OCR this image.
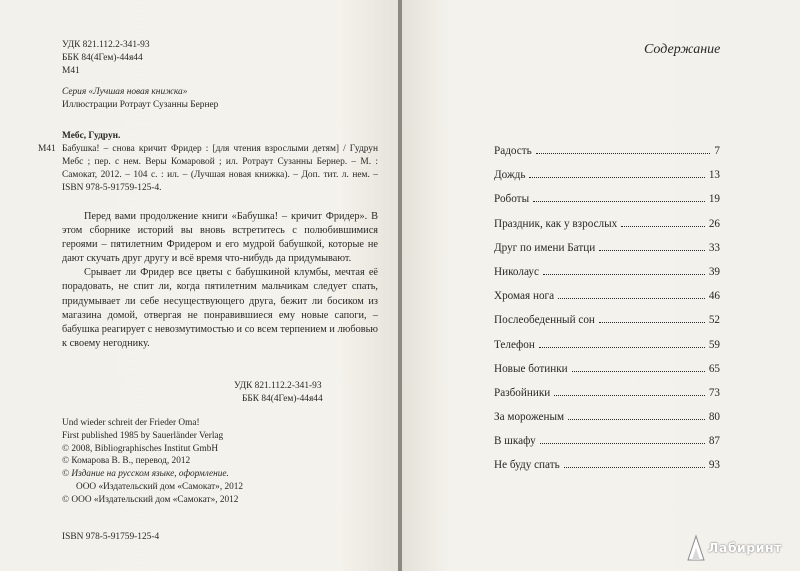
УДК 821.112.2-341-93
ББК 84(4Гем)-44я44
М41
Серия «Лучшая новая книжка»
Иллюстрации Ротраут Сузанны Бернер
М41
Мебс, Гудрун.
Бабушка! – снова кричит Фридер : [для чтения взрослыми детям] / Гудрун Мебс ; пер. с нем. Веры Комаровой ; ил. Ротраут Сузанны Бернер. – М. : Самокат, 2012. – 104 с. : ил. – (Лучшая новая книжка). – Доп. тит. л. нем. – ISBN 978-5-91759-125-4.

Перед вами продолжение книги «Бабушка! – кричит Фридер». В этом сборнике историй вы вновь встретитесь с полюбившимися героями – пятилетним Фридером и его мудрой бабушкой, которые не дают скучать друг другу и всё время что-нибудь да придумывают.

Срывает ли Фридер все цветы с бабушкиной клумбы, мечтая её порадовать, не спит ли, когда пятилетним мальчикам следует спать, придумывает ли себе несуществующего друга, бежит ли босиком из магазина домой, отвергая не понравившиеся ему новые сапоги, – бабушка реагирует с невозмутимостью и со всем терпением и любовью к своему негоднику.

УДК 821.112.2-341-93
ББК 84(4Гем)-44я44
Und wieder schreit der Frieder Oma!
First published 1985 by Sauerländer Verlag
© 2008, Bibliographisches Institut GmbH
© Комарова В. В., перевод, 2012
© Издание на русском языке, оформление.
ООО «Издательский дом «Самокат», 2012
© ООО «Издательский дом «Самокат», 2012
ISBN 978-5-91759-125-4
Содержание
Радость	7
Дождь	13
Роботы	19
Праздник, как у взрослых	26
Друг по имени Батци	33
Николаус	39
Хромая нога	46
Послеобеденный сон	52
Телефон	59
Новые ботинки	65
Разбойники	73
За мороженым	80
В шкафу	87
Не буду спать	93
Лабиринт
